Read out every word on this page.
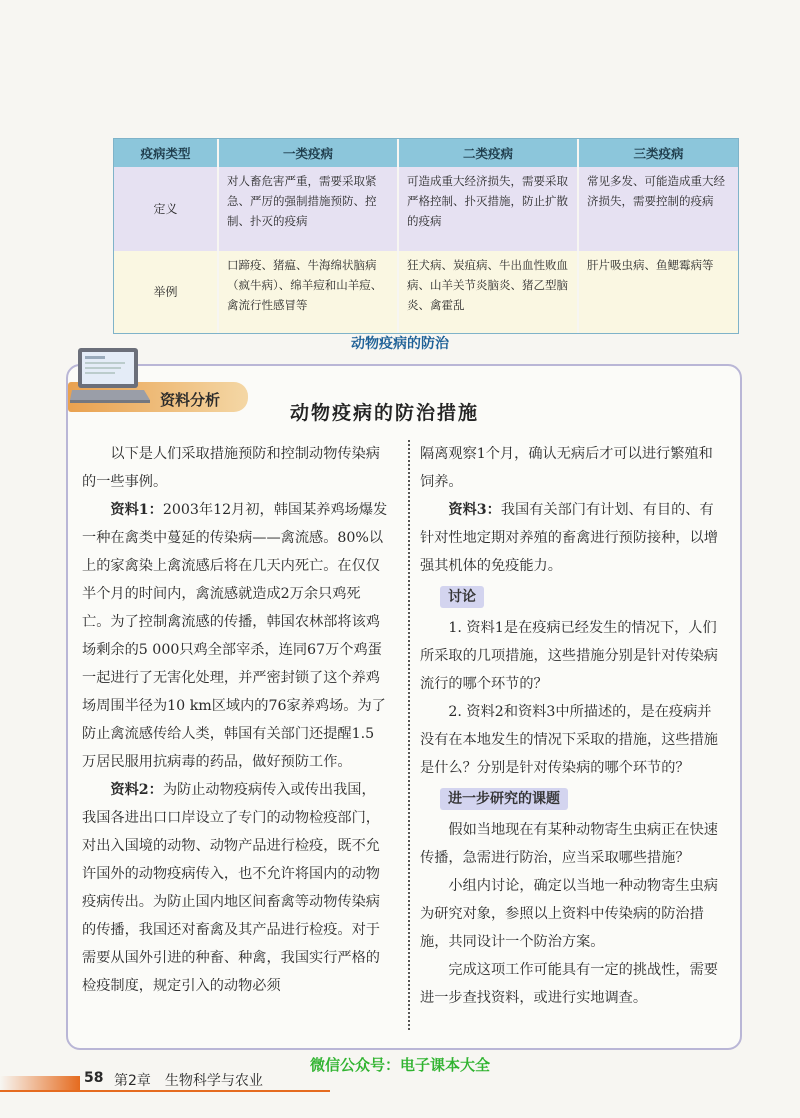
疫病类型	一类疫病	二类疫病	三类疫病
定义	对人畜危害严重，需要采取紧急、严厉的强制措施预防、控制、扑灭的疫病	可造成重大经济损失，需要采取严格控制、扑灭措施，防止扩散的疫病	常见多发、可能造成重大经济损失，需要控制的疫病
举例	口蹄疫、猪瘟、牛海绵状脑病（疯牛病）、绵羊痘和山羊痘、禽流行性感冒等	狂犬病、炭疽病、牛出血性败血病、山羊关节炎脑炎、猪乙型脑炎、禽霍乱	肝片吸虫病、鱼鳃霉病等
动物疫病的防治
资料分析
动物疫病的防治措施

以下是人们采取措施预防和控制动物传染病的一些事例。

资料1：2003年12月初，韩国某养鸡场爆发一种在禽类中蔓延的传染病——禽流感。80%以上的家禽染上禽流感后将在几天内死亡。在仅仅半个月的时间内，禽流感就造成2万余只鸡死亡。为了控制禽流感的传播，韩国农林部将该鸡场剩余的5 000只鸡全部宰杀，连同67万个鸡蛋一起进行了无害化处理，并严密封锁了这个养鸡场周围半径为10 km区域内的76家养鸡场。为了防止禽流感传给人类，韩国有关部门还提醒1.5万居民服用抗病毒的药品，做好预防工作。

资料2：为防止动物疫病传入或传出我国，我国各进出口口岸设立了专门的动物检疫部门，对出入国境的动物、动物产品进行检疫，既不允许国外的动物疫病传入，也不允许将国内的动物疫病传出。为防止国内地区间畜禽等动物传染病的传播，我国还对畜禽及其产品进行检疫。对于需要从国外引进的种畜、种禽，我国实行严格的检疫制度，规定引入的动物必须

隔离观察1个月，确认无病后才可以进行繁殖和饲养。

资料3：我国有关部门有计划、有目的、有针对性地定期对养殖的畜禽进行预防接种，以增强其机体的免疫能力。

讨论

1. 资料1是在疫病已经发生的情况下，人们所采取的几项措施，这些措施分别是针对传染病流行的哪个环节的？

2. 资料2和资料3中所描述的，是在疫病并没有在本地发生的情况下采取的措施，这些措施是什么？分别是针对传染病的哪个环节的？

进一步研究的课题

假如当地现在有某种动物寄生虫病正在快速传播，急需进行防治，应当采取哪些措施？

小组内讨论，确定以当地一种动物寄生虫病为研究对象，参照以上资料中传染病的防治措施，共同设计一个防治方案。

完成这项工作可能具有一定的挑战性，需要进一步查找资料，或进行实地调查。

58 第2章　生物科学与农业
微信公众号：电子课本大全
